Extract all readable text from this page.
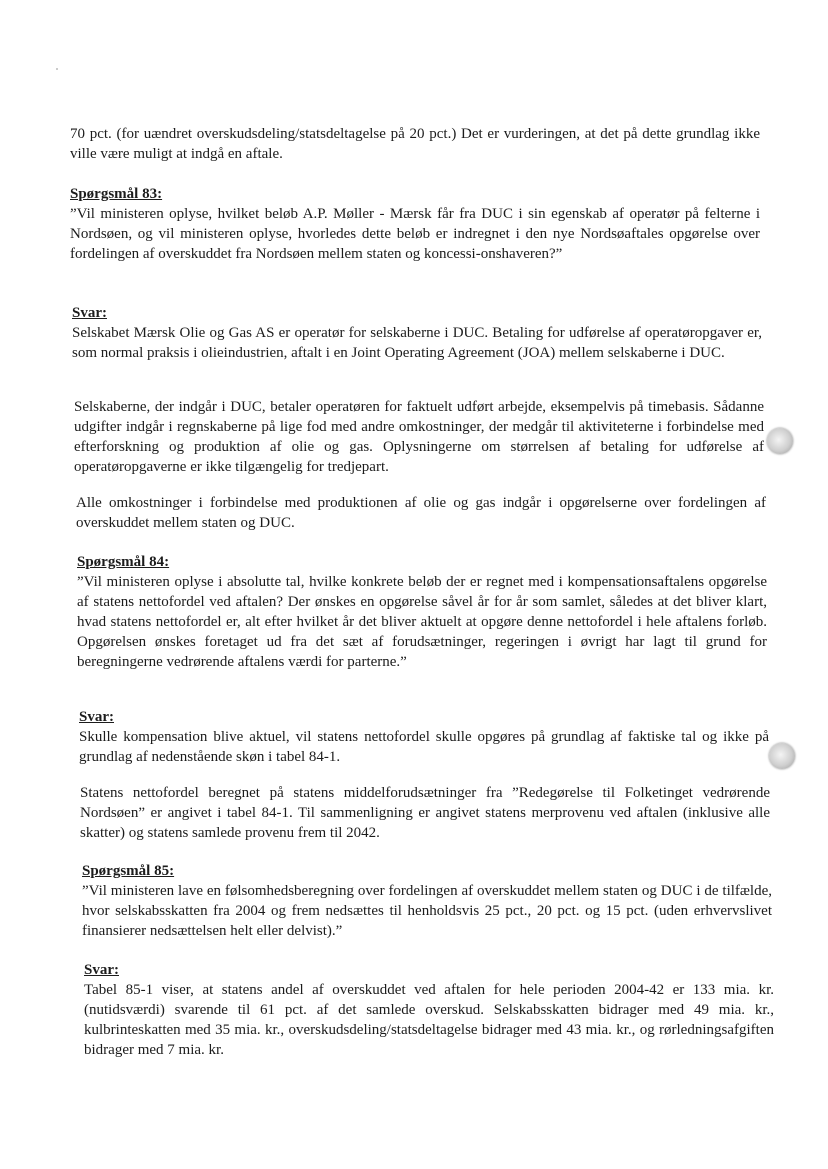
70 pct. (for uændret overskudsdeling/statsdeltagelse på 20 pct.) Det er vurderingen, at det på dette grundlag ikke ville være muligt at indgå en aftale.

Spørgsmål 83:

”Vil ministeren oplyse, hvilket beløb A.P. Møller - Mærsk får fra DUC i sin egenskab af operatør på felterne i Nordsøen, og vil ministeren oplyse, hvorledes dette beløb er indregnet i den nye Nordsøaftales opgørelse over fordelingen af overskuddet fra Nordsøen mellem staten og koncessi-onshaveren?”

Svar:

Selskabet Mærsk Olie og Gas AS er operatør for selskaberne i DUC. Betaling for udførelse af operatøropgaver er, som normal praksis i olieindustrien, aftalt i en Joint Operating Agreement (JOA) mellem selskaberne i DUC.

Selskaberne, der indgår i DUC, betaler operatøren for faktuelt udført arbejde, eksempelvis på timebasis. Sådanne udgifter indgår i regnskaberne på lige fod med andre omkostninger, der medgår til aktiviteterne i forbindelse med efterforskning og produktion af olie og gas. Oplysningerne om størrelsen af betaling for udførelse af operatøropgaverne er ikke tilgængelig for tredjepart.

Alle omkostninger i forbindelse med produktionen af olie og gas indgår i opgørelserne over fordelingen af overskuddet mellem staten og DUC.

Spørgsmål 84:

”Vil ministeren oplyse i absolutte tal, hvilke konkrete beløb der er regnet med i kompensationsaftalens opgørelse af statens nettofordel ved aftalen? Der ønskes en opgørelse såvel år for år som samlet, således at det bliver klart, hvad statens nettofordel er, alt efter hvilket år det bliver aktuelt at opgøre denne nettofordel i hele aftalens forløb. Opgørelsen ønskes foretaget ud fra det sæt af forudsætninger, regeringen i øvrigt har lagt til grund for beregningerne vedrørende aftalens værdi for parterne.”

Svar:

Skulle kompensation blive aktuel, vil statens nettofordel skulle opgøres på grundlag af faktiske tal og ikke på grundlag af nedenstående skøn i tabel 84-1.

Statens nettofordel beregnet på statens middelforudsætninger fra ”Redegørelse til Folketinget vedrørende Nordsøen” er angivet i tabel 84-1. Til sammenligning er angivet statens merprovenu ved aftalen (inklusive alle skatter) og statens samlede provenu frem til 2042.

Spørgsmål 85:

”Vil ministeren lave en følsomhedsberegning over fordelingen af overskuddet mellem staten og DUC i de tilfælde, hvor selskabsskatten fra 2004 og frem nedsættes til henholdsvis 25 pct., 20 pct. og 15 pct. (uden erhvervslivet finansierer nedsættelsen helt eller delvist).”

Svar:

Tabel 85-1 viser, at statens andel af overskuddet ved aftalen for hele perioden 2004-42 er 133 mia. kr. (nutidsværdi) svarende til 61 pct. af det samlede overskud. Selskabsskatten bidrager med 49 mia. kr., kulbrinteskatten med 35 mia. kr., overskudsdeling/statsdeltagelse bidrager med 43 mia. kr., og rørledningsafgiften bidrager med 7 mia. kr.
